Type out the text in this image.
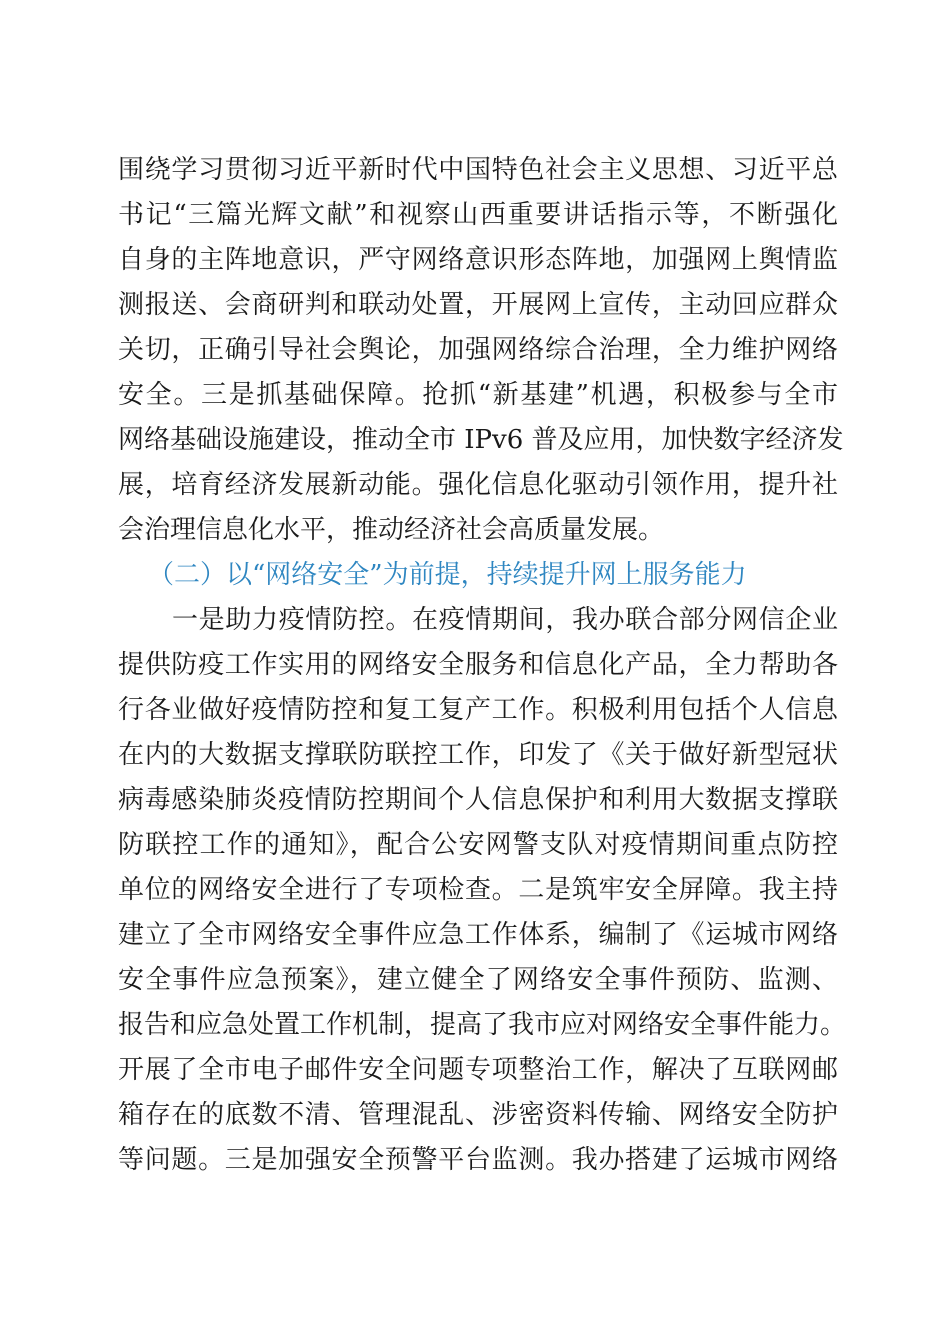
围绕学习贯彻习近平新时代中国特色社会主义思想、习近平总
书记“三篇光辉文献”和视察山西重要讲话指示等，不断强化
自身的主阵地意识，严守网络意识形态阵地，加强网上舆情监
测报送、会商研判和联动处置，开展网上宣传，主动回应群众
关切，正确引导社会舆论，加强网络综合治理，全力维护网络
安全。三是抓基础保障。抢抓“新基建”机遇，积极参与全市
网络基础设施建设，推动全市 IPv6 普及应用，加快数字经济发
展，培育经济发展新动能。强化信息化驱动引领作用，提升社
会治理信息化水平，推动经济社会高质量发展。
（二）以“网络安全”为前提，持续提升网上服务能力
一是助力疫情防控。在疫情期间，我办联合部分网信企业
提供防疫工作实用的网络安全服务和信息化产品，全力帮助各
行各业做好疫情防控和复工复产工作。积极利用包括个人信息
在内的大数据支撑联防联控工作，印发了《关于做好新型冠状
病毒感染肺炎疫情防控期间个人信息保护和利用大数据支撑联
防联控工作的通知》，配合公安网警支队对疫情期间重点防控
单位的网络安全进行了专项检查。二是筑牢安全屏障。我主持
建立了全市网络安全事件应急工作体系，编制了《运城市网络
安全事件应急预案》，建立健全了网络安全事件预防、监测、
报告和应急处置工作机制，提高了我市应对网络安全事件能力。
开展了全市电子邮件安全问题专项整治工作，解决了互联网邮
箱存在的底数不清、管理混乱、涉密资料传输、网络安全防护
等问题。三是加强安全预警平台监测。我办搭建了运城市网络
